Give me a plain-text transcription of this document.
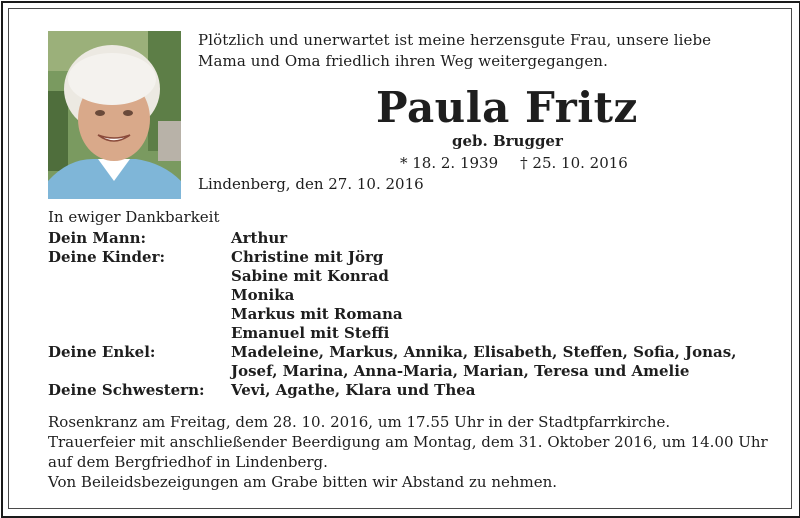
Plötzlich und unerwartet ist meine herzensgute Frau, unsere liebe Mama und Oma friedlich ihren Weg weitergegangen.
Paula Fritz
geb. Brugger
* 18. 2. 1939 † 25. 10. 2016
Lindenberg, den 27. 10. 2016
In ewiger Dankbarkeit
Dein Mann:	Arthur
Deine Kinder:	Christine mit Jörg
Sabine mit Konrad
Monika
Markus mit Romana
Emanuel mit Steffi
Deine Enkel:	Madeleine, Markus, Annika, Elisabeth, Steffen, Sofia, Jonas,
Josef, Marina, Anna-Maria, Marian, Teresa und Amelie
Deine Schwestern:	Vevi, Agathe, Klara und Thea
Rosenkranz am Freitag, dem 28. 10. 2016, um 17.55 Uhr in der Stadtpfarrkirche.
Trauerfeier mit anschließender Beerdigung am Montag, dem 31. Oktober 2016, um 14.00 Uhr
auf dem Bergfriedhof in Lindenberg.
Von Beileidsbezeigungen am Grabe bitten wir Abstand zu nehmen.
